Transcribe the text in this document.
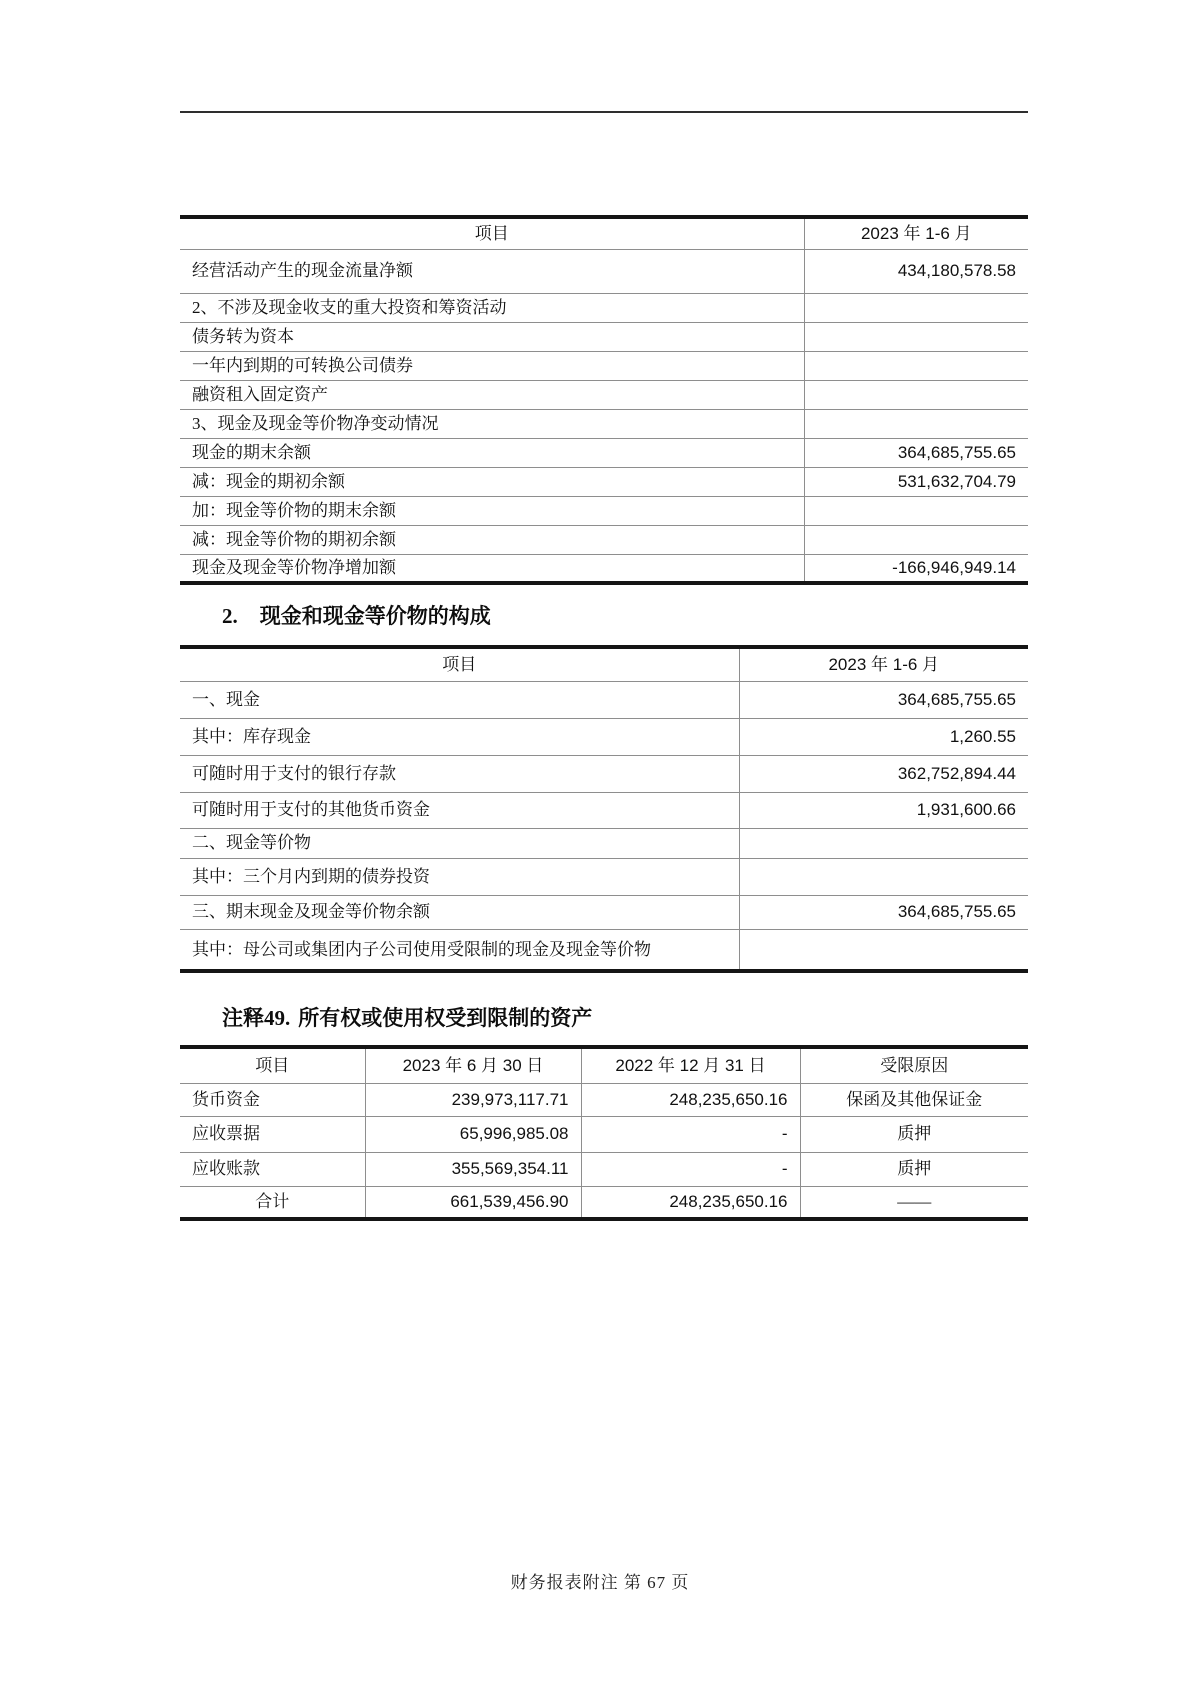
项目	2023 年 1-6 月
经营活动产生的现金流量净额	434,180,578.58
2、不涉及现金收支的重大投资和筹资活动	
债务转为资本	
一年内到期的可转换公司债券	
融资租入固定资产	
3、现金及现金等价物净变动情况	
现金的期末余额	364,685,755.65
减：现金的期初余额	531,632,704.79
加：现金等价物的期末余额	
减：现金等价物的期初余额	
现金及现金等价物净增加额	-166,946,949.14
2. 现金和现金等价物的构成
项目	2023 年 1-6 月
一、现金	364,685,755.65
其中：库存现金	1,260.55
可随时用于支付的银行存款	362,752,894.44
可随时用于支付的其他货币资金	1,931,600.66
二、现金等价物	
其中：三个月内到期的债券投资	
三、期末现金及现金等价物余额	364,685,755.65
其中：母公司或集团内子公司使用受限制的现金及现金等价物	
注释49. 所有权或使用权受到限制的资产
项目	2023 年 6 月 30 日	2022 年 12 月 31 日	受限原因
货币资金	239,973,117.71	248,235,650.16	保函及其他保证金
应收票据	65,996,985.08	-	质押
应收账款	355,569,354.11	-	质押
合计	661,539,456.90	248,235,650.16	——
财务报表附注 第 67 页
